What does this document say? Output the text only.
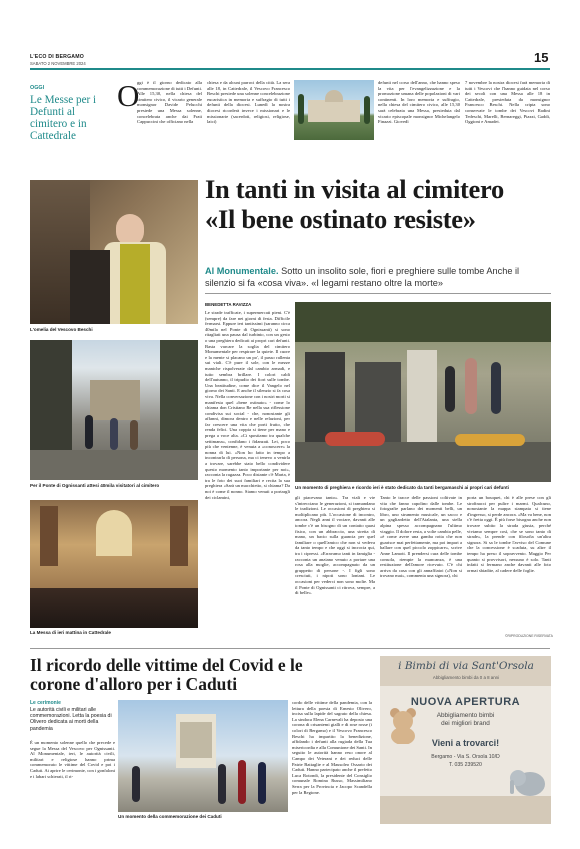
L'ECO DI BERGAMO
SABATO 2 NOVEMBRE 2024	15
OGGI
Le Messe per i Defunti al cimitero e in Cattedrale
O
ggi è il giorno dedicato alla commemorazione di tutti i Defunti. Alle 15,30, nella chiesa del cimitero civico, il vicario generale monsignor Davide Pelucchi presiede una Messa solenne, concelebrata anche dai Frati Cappuccini che officiano nella
chiesa e da alcuni parroci della città. La sera alle 18, in Cattedrale, il Vescovo Francesco Beschi presiede una solenne concelebrazione eucaristica in memoria e suffragio di tutti i defunti della diocesi. Lunedì la nostra diocesi ricorderà invece i missionari e le missionarie (sacerdoti, religiosi, religiose, laici)
defunti nel corso dell'anno, che hanno speso la vita per l'evangelizzazione e la promozione umana delle popolazioni di vari continenti. In loro memoria e suffragio, nella chiesa del cimitero civico, alle 15,30 sarà celebrata una Messa, presieduta dal vicario episcopale monsignor Michelangelo Finazzi. Giovedì
7 novembre la nostra diocesi farà memoria di tutti i Vescovi che l'hanno guidata nel corso dei secoli con una Messa alle 18 in Cattedrale, presieduta da monsignor Francesco Beschi. Nella cripta sono conservate le tombe dei Vescovi Radini Tedeschi, Marelli, Bernareggi, Piazzi, Gaddi, Oggioni e Amadei.
L'omelia del Vescovo Beschi
Per il Ponte di Ognissanti attesi 40mila visitatori al cimitero
La Messa di ieri mattina in Cattedrale
In tanti in visita al cimitero
«Il bene ostinato resiste»
Al Monumentale. Sotto un insolito sole, fiori e preghiere sulle tombe Anche il silenzio si fa «cosa viva». «I legami restano oltre la morte»
BENEDETTA RAVIZZA
Le strade trafficate, i supermercati pieni. C'è (sempre) da fare nei giorni di festa. Difficile fermarsi. Eppure ieri tantissimi (saranno circa 40mila nel Ponte di Ognissanti) si sono ritagliati una pausa dal turbinio, con un gesto o una preghiera dedicati ai propri cari defunti. Basta varcare la soglia del cimitero Monumentale per respirare la quiete. Il cuore e la mente si placano un po', il passo rallenta sui viali. C'è pure il sole, con le mezze maniche rispolverate dal cambio armadi, e tutto sembra brillare. I colori caldi dell'autunno, il tripudio dei fiori sulle tombe. Una beatitudine, come dice il Vangelo nel giorno dei Santi. E anche il silenzio si fa cosa viva. Nella conversazione con i nostri morti si manifesta quel «bene ostinato» - come lo chiama don Cristiano Re nella sua riflessione condivisa sui social - che, nonostante gli affanni, dimora dentro e nelle relazioni, per far crescere una vita che porti frutto, che renda felici. Una coppia si tiene per mano e prega a voce alta. «Ci spostiamo tra qualche settimana», confidano i fidanzati. Lei, poco più che ventenne, è venuta a «conoscere» la nonna di lui. «Non ho fatto in tempo a incontrarla di persona, ma ci tenevo a venirla a trovare, sarebbe stato bello condividere questo momento tanto importante per noi», racconta la ragazza. Poco distante c'è Marta, è tra le foto dei suoi familiari e recita la sua preghiera «Sarà un macchietto, si chiama? Da noi è come il nonno. Siamo venuti a portargli dei ciclamini,
Un momento di preghiera e ricordo ieri è stato dedicato da tanti bergamaschi ai propri cari defunti
gli piacevano tanto». Tra viali e vie s'intrecciano le generazioni, si tramandano le tradizioni. Le occasioni di preghiera si moltiplicano più. L'occasione di incontro, ancora. Negli anni il vociare, davanti alle tombe c'è un bisogno di un contatto quasi fisico, con un abbraccio, una stretta di mano, un bacio sulla guancia per quel familiare o quell'amico che non si vedeva da tanto tempo e che oggi si incrocia qui, tra i cipressi. «Erravamo tanti in famiglia - racconta un anziano venuto a portare una rosa alla moglie, accompagnato da un gruppetto di persone -. I figli sono cresciuti, i nipoti sono lontani. Le occasioni per vederci non sono molte. Ma il Ponte di Ognissanti ci ritrova, sempre, a di belle».
Tanto le tracce delle passioni coltivate in vita che fanno capolino dalle tombe. Le fotografie parlano dei momenti belli, un libro, uno strumento musicale, un sacco e un gagliardetto dell'Atalanta, una stella alpina spesso accompagnano l'ultimo viaggio. Il dolore resta, a volte cambia pelle, «è come avere una gamba rotta che non guarisce mai perfettamente, ma poi impari a ballare con quel piccolo zoppicare», scrive Anne Lamott. Il prendersi cura delle tombe consola, riempie la mancanza, è una restituzione dell'amore ricevuto. C'è chi arriva da casa con gli annaffiatoi («Non si trovano mai», commenta una signora), chi
porta un bouquet, chi è alle prese con gli stroﬁnacci per pulire i marmi. Qualcuno, nonostante la mappa stampata si tiene d'ingresso, si perde ancora. «Ma va bene, non c'è fretta oggi. È più forse bisogna anche non trovare subito la strada giusta, perché viviamo sempre così, che se sono tanto di strade», la prende con ﬁlosoﬁa un'altra signora. Si sa le tombe l'avviso del Comune che la concessione è scaduta, su altre il tempo ha preso il sopravvento. Maggio Per quanto si provvisori, nessuno è solo. Tanti infatti si fermano anche davanti alle foto ormai sbiadite, al cadere delle foglie.
©RIPRODUZIONE RISERVATA
Il ricordo delle vittime del Covid e le corone d'alloro per i Caduti
Le cerimonie
Le autorità civili e militari alle commemorazioni. Letta la poesia di Olivero dedicata ai morti della pandemia
È un momento solenne quello che precede e segue la Messa del Vescovo per Ognissanti. Al Monumentale, ieri, le autorità civili, militari e religiose hanno prima commemorato le vittime del Covid e poi i Caduti. Ai aprire le cerimonie, con i gonfaloni e i labari schierati, il ri-
Un momento della commemorazione dei Caduti
cordo delle vittime della pandemia, con la lettura della poesia di Ernesto Olivero, incisa sulla lapide del sagrato della chiesa. La sindaca Elena Carnevali ha deposto una corona di crisantemi gialli e di rose rosse (i colori di Bergamo) e il Vescovo Francesco Beschi ha impartito la benedizione, affidando i defunti alla rugiada della Tua misericordia e alla Comunione dei Santi. In seguito le autorità hanno reso onore al Campo dei Veterani e dei reduci delle Patrie Battaglie e al Mausoleo Ossario dei Caduti. Hanno partecipato anche il prefetto Luca Rotondi, la presidente del Consiglio comunale Romina Russo, Massimiliano Serra per la Provincia e Jacopo Scandella per la Regione.
i Bimbi di via Sant'Orsola
Abbigliamento bimbi da 0 a 8 anni
NUOVA APERTURA
Abbigliamento bimbi
dei migliori brand
Vieni a trovarci!
Bergamo - Via S. Orsola 10/D
T. 035 239520
